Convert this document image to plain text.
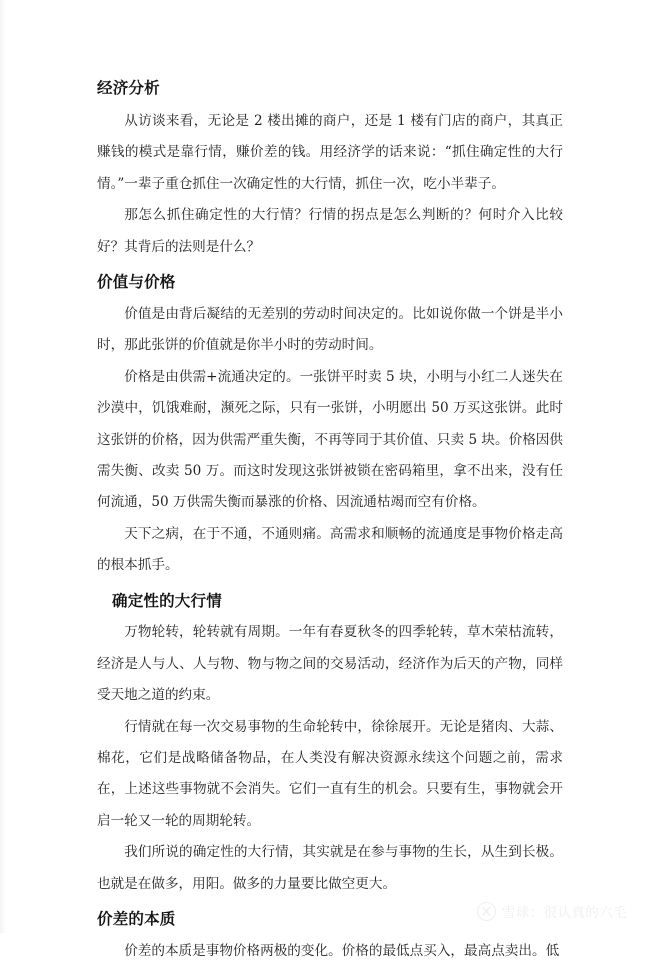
经济分析

从访谈来看，无论是 2 楼出摊的商户，还是 1 楼有门店的商户，其真正赚钱的模式是靠行情，赚价差的钱。用经济学的话来说：“抓住确定性的大行情。”一辈子重仓抓住一次确定性的大行情，抓住一次，吃小半辈子。

那怎么抓住确定性的大行情？行情的拐点是怎么判断的？何时介入比较好？其背后的法则是什么？

价值与价格

价值是由背后凝结的无差别的劳动时间决定的。比如说你做一个饼是半小时，那此张饼的价值就是你半小时的劳动时间。

价格是由供需+流通决定的。一张饼平时卖 5 块，小明与小红二人迷失在沙漠中，饥饿难耐，濒死之际，只有一张饼，小明愿出 50 万买这张饼。此时这张饼的价格，因为供需严重失衡，不再等同于其价值、只卖 5 块。价格因供需失衡、改卖 50 万。而这时发现这张饼被锁在密码箱里，拿不出来，没有任何流通，50 万供需失衡而暴涨的价格、因流通枯竭而空有价格。

天下之病，在于不通，不通则痛。高需求和顺畅的流通度是事物价格走高的根本抓手。

确定性的大行情

万物轮转，轮转就有周期。一年有春夏秋冬的四季轮转，草木荣枯流转，经济是人与人、人与物、物与物之间的交易活动，经济作为后天的产物，同样受天地之道的约束。

行情就在每一次交易事物的生命轮转中，徐徐展开。无论是猪肉、大蒜、棉花，它们是战略储备物品，在人类没有解决资源永续这个问题之前，需求在，上述这些事物就不会消失。它们一直有生的机会。只要有生，事物就会开启一轮又一轮的周期轮转。

我们所说的确定性的大行情，其实就是在参与事物的生长，从生到长极。也就是在做多，用阳。做多的力量要比做空更大。

价差的本质

价差的本质是事物价格两极的变化。价格的最低点买入，最高点卖出。低

雪球：很认真的六毛
